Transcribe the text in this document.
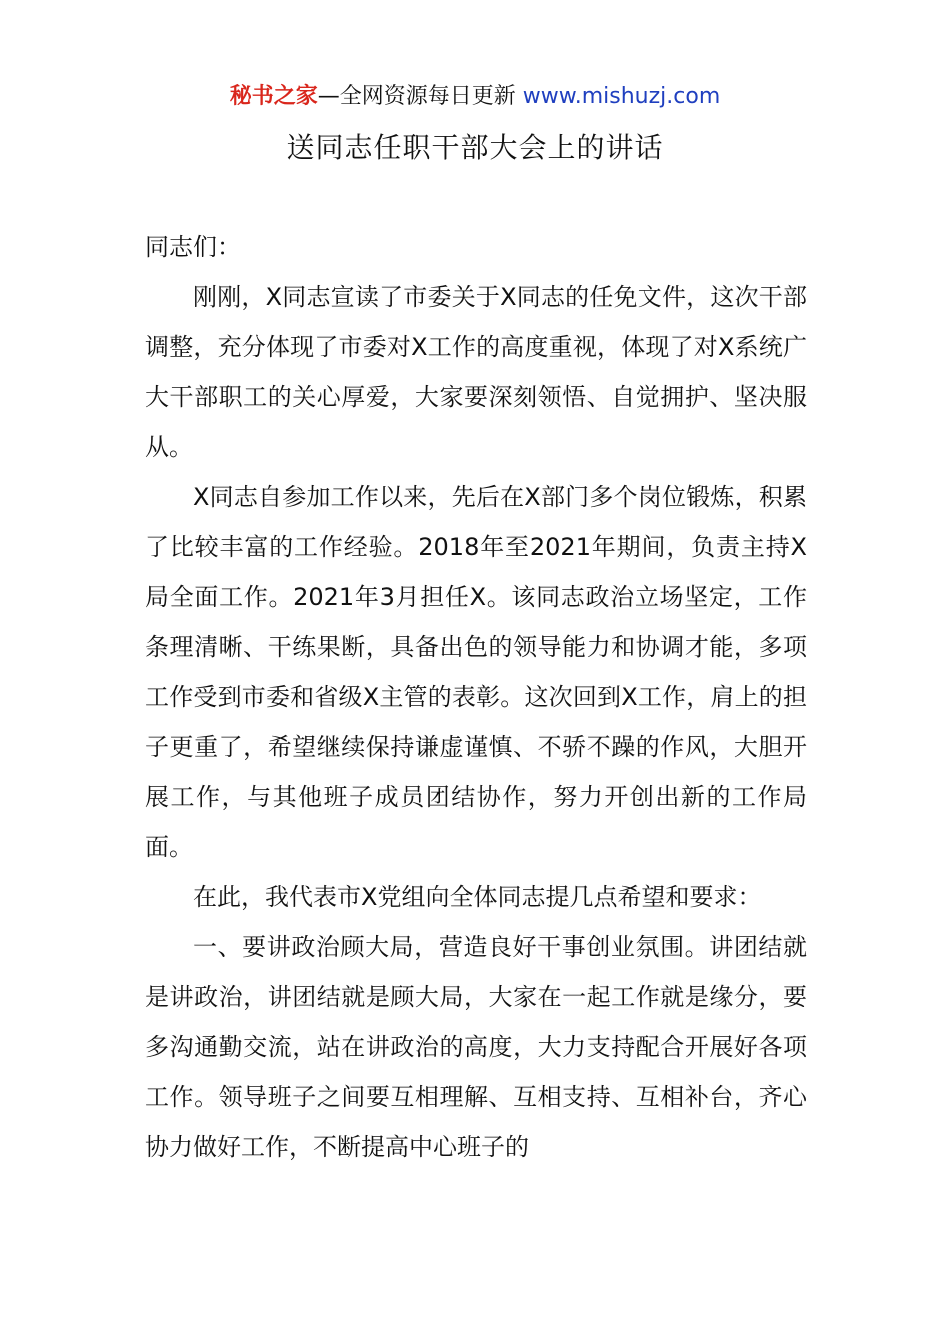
秘书之家—全网资源每日更新 www.mishuzj.com
送同志任职干部大会上的讲话

同志们：

刚刚，X同志宣读了市委关于X同志的任免文件，这次干部调整，充分体现了市委对X工作的高度重视，体现了对X系统广大干部职工的关心厚爱，大家要深刻领悟、自觉拥护、坚决服从。

X同志自参加工作以来，先后在X部门多个岗位锻炼，积累了比较丰富的工作经验。2018年至2021年期间，负责主持X局全面工作。2021年3月担任X。该同志政治立场坚定，工作条理清晰、干练果断，具备出色的领导能力和协调才能，多项工作受到市委和省级X主管的表彰。这次回到X工作，肩上的担子更重了，希望继续保持谦虚谨慎、不骄不躁的作风，大胆开展工作，与其他班子成员团结协作，努力开创出新的工作局面。

在此，我代表市X党组向全体同志提几点希望和要求：

一、要讲政治顾大局，营造良好干事创业氛围。讲团结就是讲政治，讲团结就是顾大局，大家在一起工作就是缘分，要多沟通勤交流，站在讲政治的高度，大力支持配合开展好各项工作。领导班子之间要互相理解、互相支持、互相补台，齐心协力做好工作，不断提高中心班子的
